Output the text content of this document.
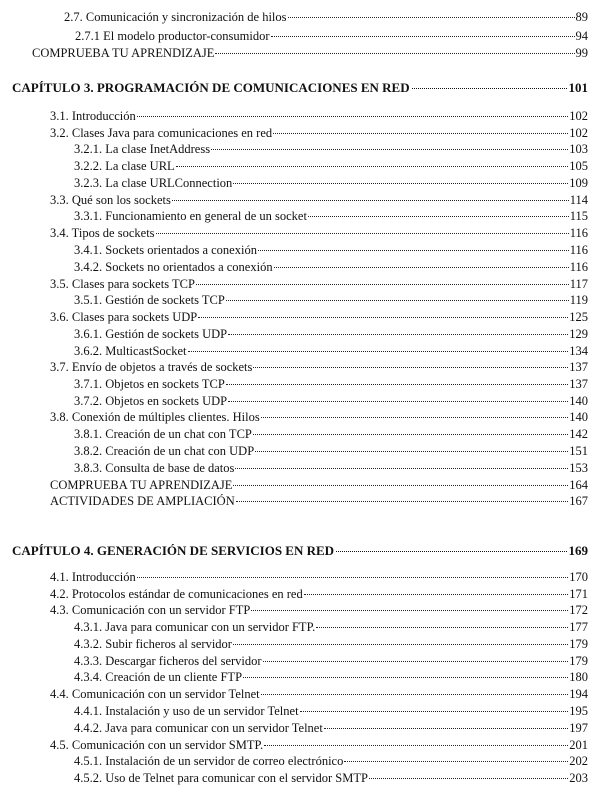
2.7. Comunicación y sincronización de hilos	89
2.7.1 El modelo productor-consumidor	94
COMPRUEBA TU APRENDIZAJE	99
CAPÍTULO 3. PROGRAMACIÓN DE COMUNICACIONES EN RED	101
3.1. Introducción	102
3.2. Clases Java para comunicaciones en red	102
3.2.1. La clase InetAddress	103
3.2.2. La clase URL	105
3.2.3. La clase URLConnection	109
3.3. Qué son los sockets	114
3.3.1. Funcionamiento en general de un socket	115
3.4. Tipos de sockets	116
3.4.1. Sockets orientados a conexión	116
3.4.2. Sockets no orientados a conexión	116
3.5. Clases para sockets TCP	117
3.5.1. Gestión de sockets TCP	119
3.6. Clases para sockets UDP	125
3.6.1. Gestión de sockets UDP	129
3.6.2. MulticastSocket	134
3.7. Envío de objetos a través de sockets	137
3.7.1. Objetos en sockets TCP	137
3.7.2. Objetos en sockets UDP	140
3.8. Conexión de múltiples clientes. Hilos	140
3.8.1. Creación de un chat con TCP	142
3.8.2. Creación de un chat con UDP	151
3.8.3. Consulta de base de datos	153
COMPRUEBA TU APRENDIZAJE	164
ACTIVIDADES DE AMPLIACIÓN	167
CAPÍTULO 4. GENERACIÓN DE SERVICIOS EN RED	169
4.1. Introducción	170
4.2. Protocolos estándar de comunicaciones en red	171
4.3. Comunicación con un servidor FTP	172
4.3.1. Java para comunicar con un servidor FTP.	177
4.3.2. Subir ficheros al servidor	179
4.3.3. Descargar ficheros del servidor	179
4.3.4. Creación de un cliente FTP	180
4.4. Comunicación con un servidor Telnet	194
4.4.1. Instalación y uso de un servidor Telnet	195
4.4.2. Java para comunicar con un servidor Telnet	197
4.5. Comunicación con un servidor SMTP.	201
4.5.1. Instalación de un servidor de correo electrónico	202
4.5.2. Uso de Telnet para comunicar con el servidor SMTP	203
